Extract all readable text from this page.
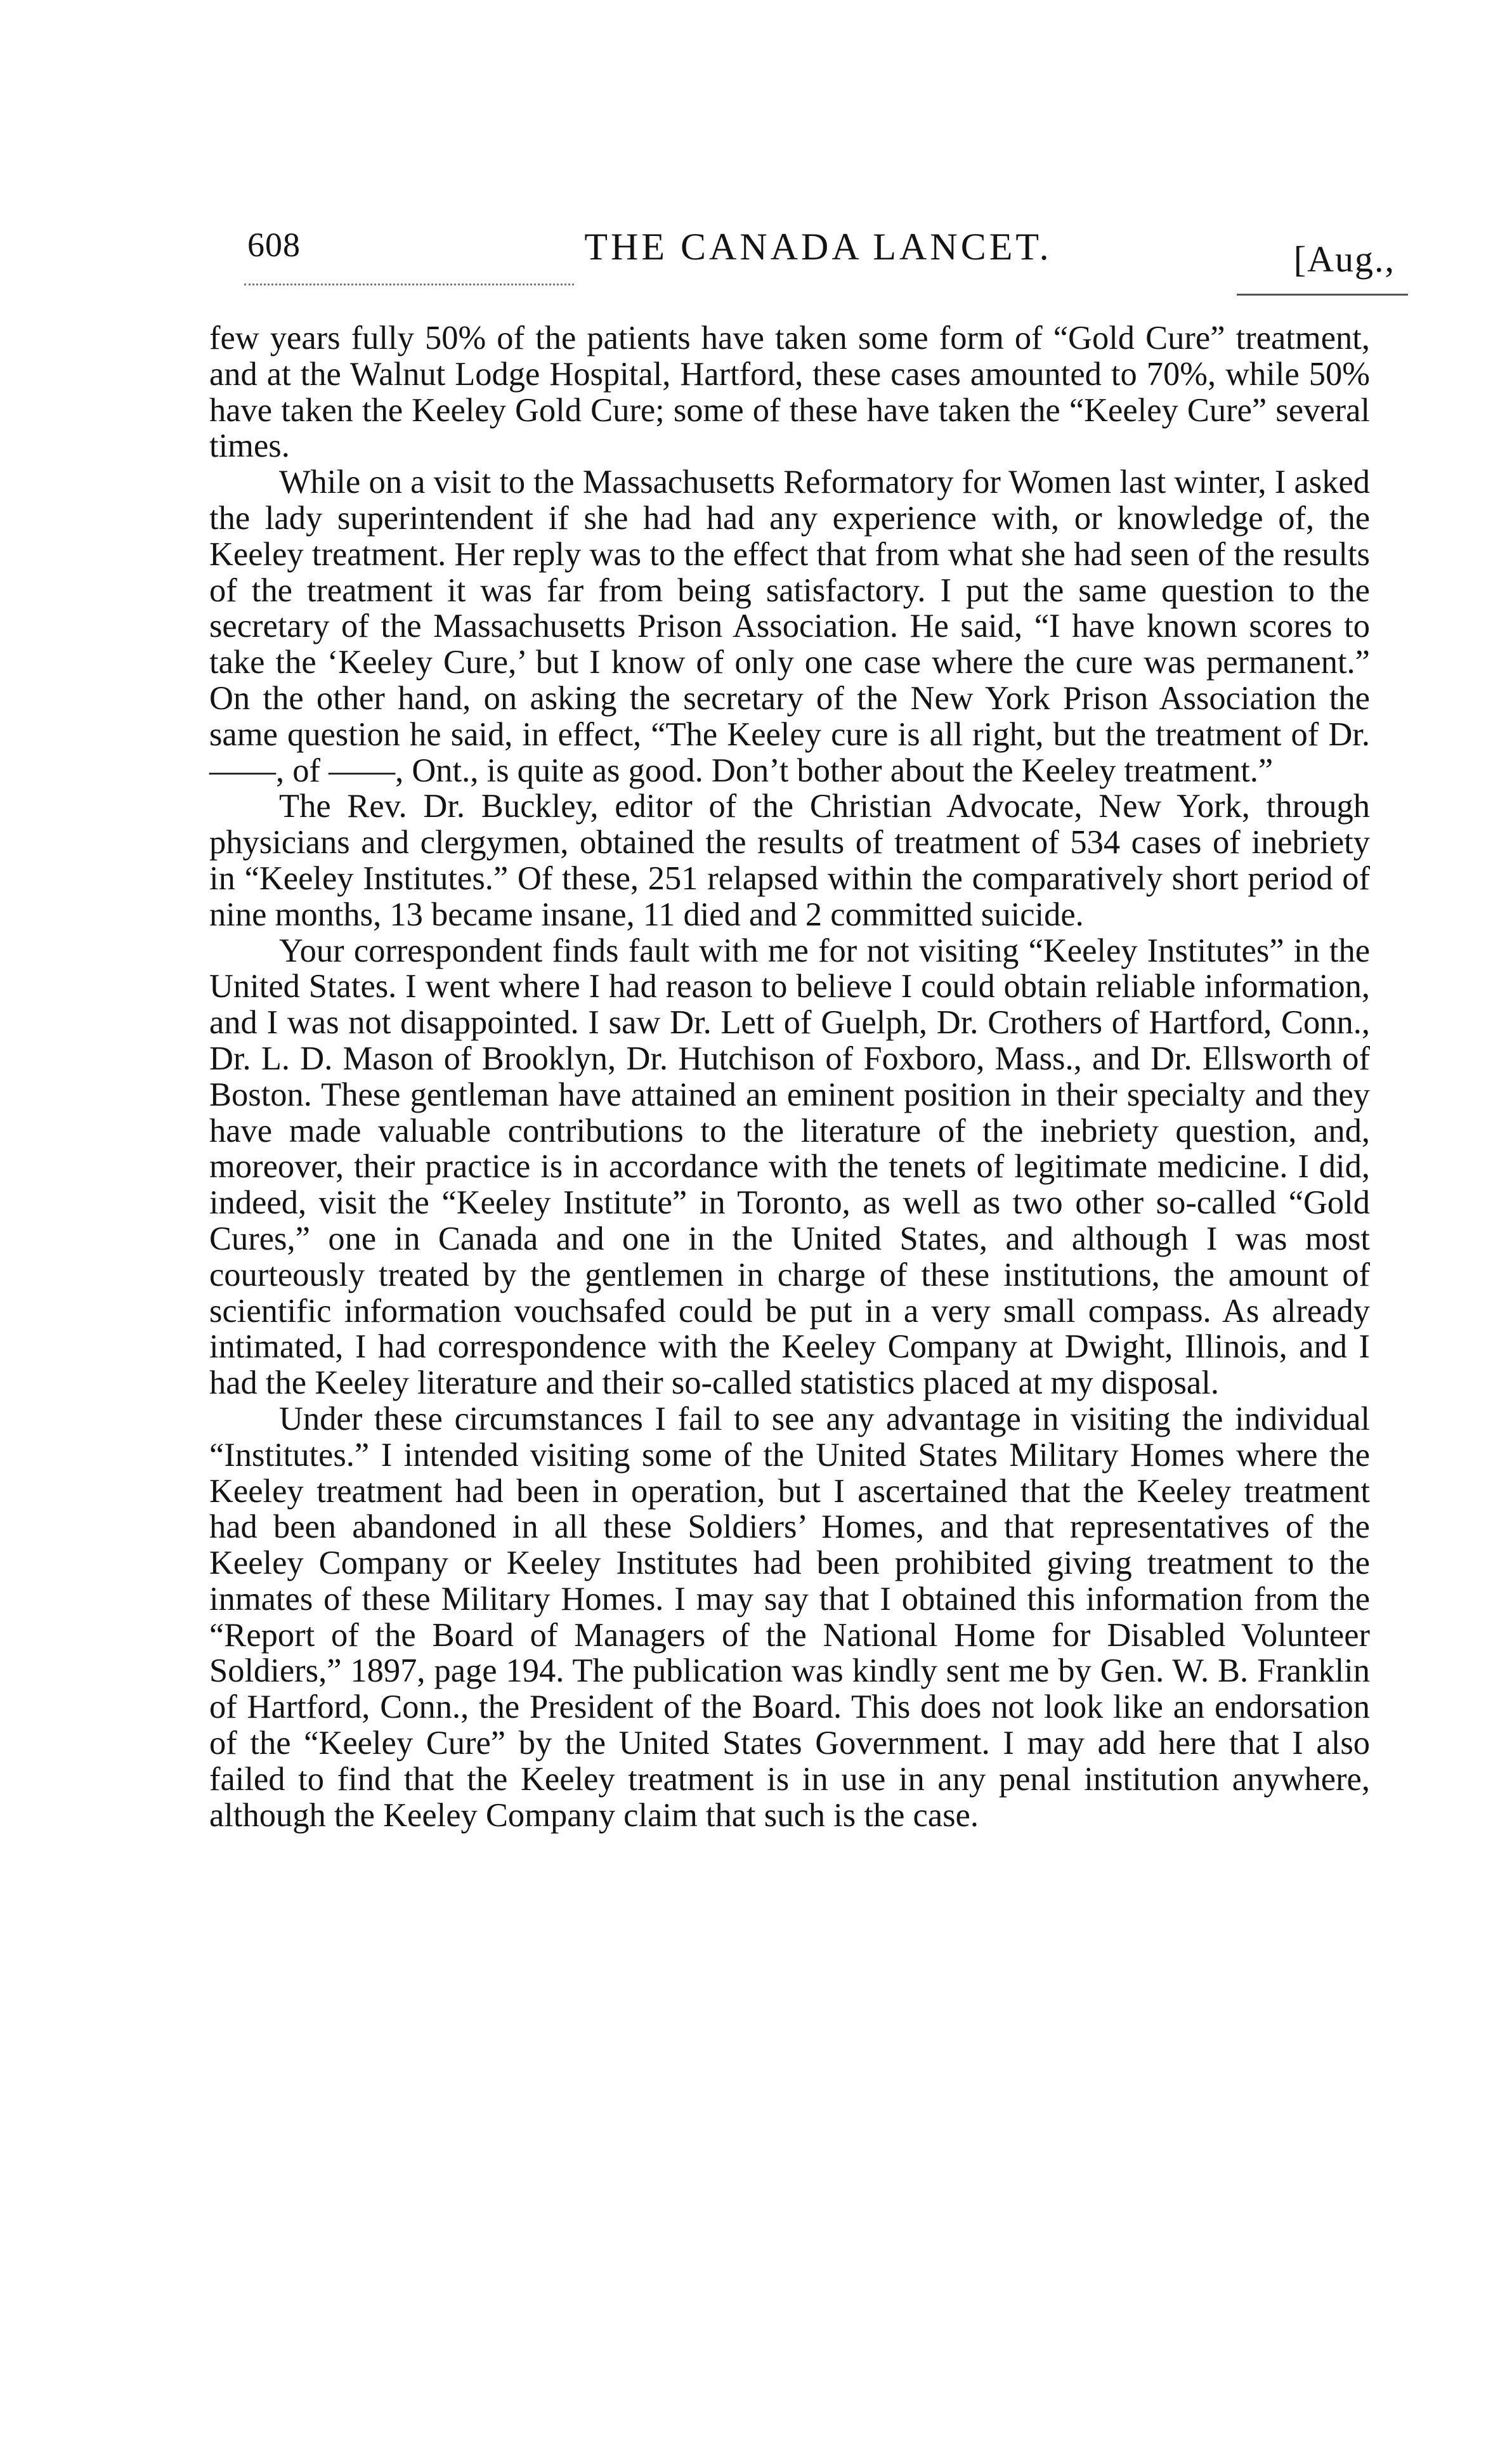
608	THE CANADA LANCET.	[Aug.,

few years fully 50% of the patients have taken some form of “Gold Cure” treatment, and at the Walnut Lodge Hospital, Hartford, these cases amounted to 70%, while 50% have taken the Keeley Gold Cure; some of these have taken the “Keeley Cure” several times.

While on a visit to the Massachusetts Reformatory for Women last winter, I asked the lady superintendent if she had had any experience with, or knowledge of, the Keeley treatment. Her reply was to the effect that from what she had seen of the results of the treatment it was far from being satisfactory. I put the same question to the secretary of the Massachusetts Prison Association. He said, “I have known scores to take the ‘Keeley Cure,’ but I know of only one case where the cure was permanent.” On the other hand, on asking the secretary of the New York Prison Association the same question he said, in effect, “The Keeley cure is all right, but the treatment of Dr. ——, of ——, Ont., is quite as good. Don’t bother about the Keeley treatment.”

The Rev. Dr. Buckley, editor of the Christian Advocate, New York, through physicians and clergymen, obtained the results of treatment of 534 cases of inebriety in “Keeley Institutes.” Of these, 251 relapsed within the comparatively short period of nine months, 13 became insane, 11 died and 2 committed suicide.

Your correspondent finds fault with me for not visiting “Keeley Institutes” in the United States. I went where I had reason to believe I could obtain reliable information, and I was not disappointed. I saw Dr. Lett of Guelph, Dr. Crothers of Hartford, Conn., Dr. L. D. Mason of Brooklyn, Dr. Hutchison of Foxboro, Mass., and Dr. Ellsworth of Boston. These gentleman have attained an eminent position in their specialty and they have made valuable contributions to the literature of the inebriety question, and, moreover, their practice is in accordance with the tenets of legitimate medicine. I did, indeed, visit the “Keeley Institute” in Toronto, as well as two other so-called “Gold Cures,” one in Canada and one in the United States, and although I was most courteously treated by the gentlemen in charge of these institutions, the amount of scientific information vouchsafed could be put in a very small compass. As already intimated, I had correspondence with the Keeley Company at Dwight, Illinois, and I had the Keeley literature and their so-called statistics placed at my disposal.

Under these circumstances I fail to see any advantage in visiting the individual “Institutes.” I intended visiting some of the United States Military Homes where the Keeley treatment had been in operation, but I ascertained that the Keeley treatment had been abandoned in all these Soldiers’ Homes, and that representatives of the Keeley Company or Keeley Institutes had been prohibited giving treatment to the inmates of these Military Homes. I may say that I obtained this information from the “Report of the Board of Managers of the National Home for Disabled Volunteer Soldiers,” 1897, page 194. The publication was kindly sent me by Gen. W. B. Franklin of Hartford, Conn., the President of the Board. This does not look like an endorsation of the “Keeley Cure” by the United States Government. I may add here that I also failed to find that the Keeley treatment is in use in any penal institution anywhere, although the Keeley Company claim that such is the case.
